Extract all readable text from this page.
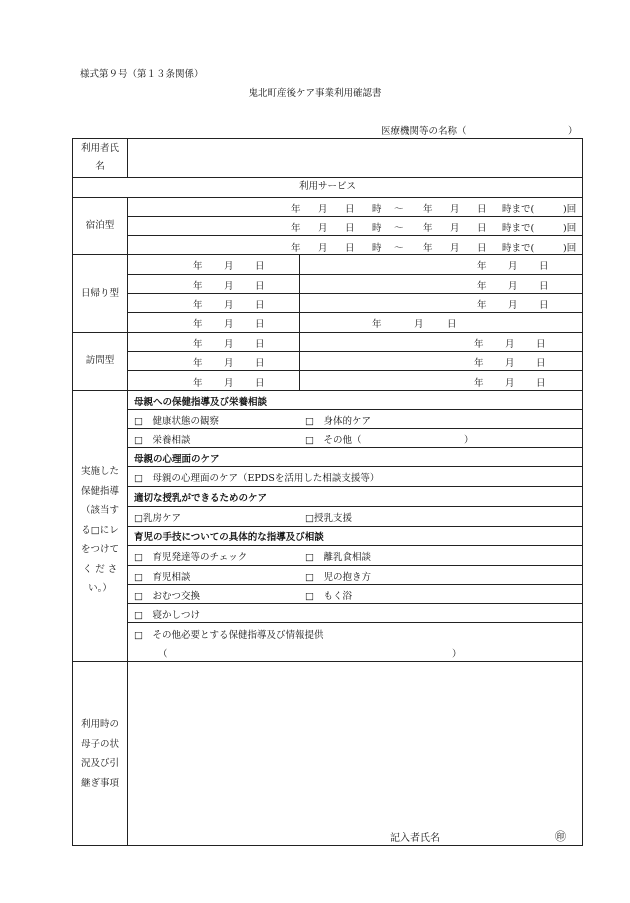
様式第９号（第１３条関係）
鬼北町産後ケア事業利用確認書
医療機関等の名称（	）
利用者氏
名
利用サービス
宿泊型
年 月 日 時 〜 年 月 日 時まで(	)回
年 月 日 時 〜 年 月 日 時まで(	)回
年 月 日 時 〜 年 月 日 時まで(	)回
日帰り型
年 月 日	年 月 日
年 月 日	年 月 日
年 月 日	年 月 日
年 月 日	年	月 日
訪問型
年 月 日	年 月 日
年 月 日	年 月 日
年 月 日	年 月 日
実施した
保健指導
（該当す
る□にレ
をつけて
く だ さ
い。）
母親への保健指導及び栄養相談
□　健康状態の観察	□　身体的ケア
□　栄養相談	□　その他（	）
母親の心理面のケア
□　母親の心理面のケア（EPDSを活用した相談支援等）
適切な授乳ができるためのケア
□乳房ケア	□授乳支援
育児の手技についての具体的な指導及び相談
□　育児発達等のチェック	□　離乳食相談
□　育児相談	□　児の抱き方
□　おむつ交換	□　もく浴
□　寝かしつけ
□　その他必要とする保健指導及び情報提供
（	）
利用時の
母子の状
況及び引
継ぎ事項
記入者氏名	㊞
